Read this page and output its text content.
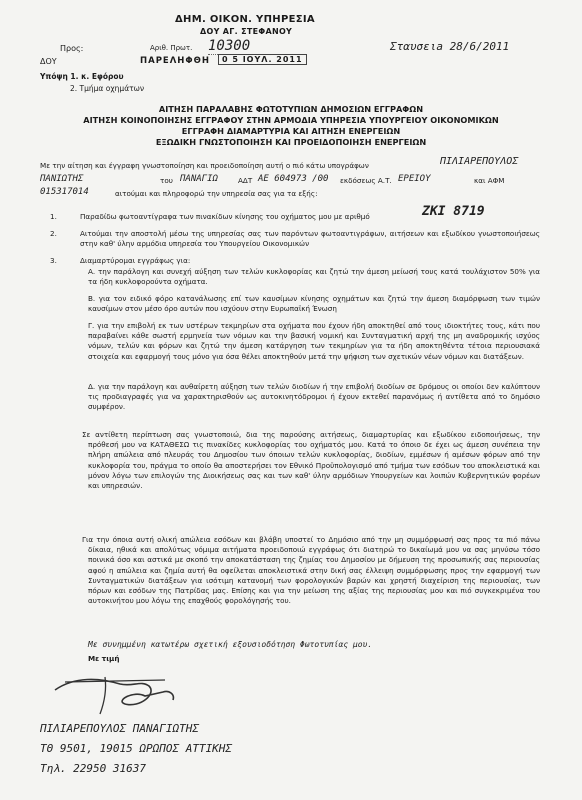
ΔΗΜ. ΟΙΚΟΝ. ΥΠΗΡΕΣΙΑ
ΔΟΥ ΑΓ. ΣΤΕΦΑΝΟΥ
Προς:
ΔΟΥ
Αριθ. Πρωτ. 10300	Σταυσειa 28/6/2011
ΠΑΡΕΛΗΦΘΗ	0 5 ΙΟΥΛ. 2011
Υπόψη 1. κ. Εφόρου
2. Τμήμα οχημάτων
ΑΙΤΗΣΗ ΠΑΡΑΛΑΒΗΣ ΦΩΤΟΤΥΠΙΩΝ ΔΗΜΟΣΙΩΝ ΕΓΓΡΑΦΩΝ
ΑΙΤΗΣΗ ΚΟΙΝΟΠΟΙΗΣΗΣ ΕΓΓΡΑΦΟΥ ΣΤΗΝ ΑΡΜΟΔΙΑ ΥΠΗΡΕΣΙΑ ΥΠΟΥΡΓΕΙΟΥ ΟΙΚΟΝΟΜΙΚΩΝ
ΕΓΓΡΑΦΗ ΔΙΑΜΑΡΤΥΡΙΑ ΚΑΙ ΑΙΤΗΣΗ ΕΝΕΡΓΕΙΩΝ
ΕΞΩΔΙΚΗ ΓΝΩΣΤΟΠΟΙΗΣΗ ΚΑΙ ΠΡΟΕΙΔΟΠΟΙΗΣΗ ΕΝΕΡΓΕΙΩΝ
Με την αίτηση και έγγραφη γνωστοποίηση και προειδοποίηση αυτή ο πιό κάτω υπογράφων	ΠΙΛΙΑΡΕΠΟΥΛΟΣ
ΠΑΝΙΩΤΗΣ	του ΠΑΝΑΓΙΩ	ΑΔΤ ΑΕ 604973 /00 εκδόσεως Α.Τ. ΕΡΕΙΟΥ	και ΑΦΜ
015317014	αιτούμαι και πληροφορώ την υπηρεσία σας για τα εξής:
1.	Παραδίδω φωτοαντίγραφα των πινακίδων κίνησης του οχήματος μου με αριθμό	ΖΚΙ 8719
2.	Αιτούμαι την αποστολή μέσω της υπηρεσίας σας των παρόντων φωτοαντιγράφων, αιτήσεων και εξωδίκου γνωστοποιήσεως στην καθ' ύλην αρμόδια υπηρεσία του Υπουργείου Οικονομικών
3.	Διαμαρτύρομαι εγγράφως για:
Α. την παράλογη και συνεχή αύξηση των τελών κυκλοφορίας και ζητώ την άμεση μείωσή τους κατά τουλάχιστον 50% για τα ήδη κυκλοφορούντα οχήματα.
Β. για τον ειδικό φόρο κατανάλωσης επί των καυσίμων κίνησης οχημάτων και ζητώ την άμεση διαμόρφωση των τιμών καυσίμων στον μέσο όρο αυτών που ισχύουν στην Ευρωπαϊκή Ένωση
Γ. για την επιβολή εκ των υστέρων τεκμηρίων στα οχήματα που έχουν ήδη αποκτηθεί από τους ιδιοκτήτες τους, κάτι που παραβαίνει κάθε σωστή ερμηνεία των νόμων και την βασική νομική και Συνταγματική αρχή της μη αναδρομικής ισχύος νόμων, τελών και φόρων και ζητώ την άμεση κατάργηση των τεκμηρίων για τα ήδη αποκτηθέντα τέτοια περιουσιακά στοιχεία και εφαρμογή τους μόνο για όσα θέλει αποκτηθούν μετά την ψήφιση των σχετικών νέων νόμων και διατάξεων.
Δ. για την παράλογη και αυθαίρετη αύξηση των τελών διοδίων ή την επιβολή διοδίων σε δρόμους οι οποίοι δεν καλύπτουν τις προδιαγραφές για να χαρακτηρισθούν ως αυτοκινητόδρομοι ή έχουν εκτεθεί παρανόμως ή αντίθετα από το δημόσιο συμφέρον.
Σε αντίθετη περίπτωση σας γνωστοποιώ, δια της παρούσης αιτήσεως, διαμαρτυρίας και εξωδίκου ειδοποιήσεως, την πρόθεσή μου να ΚΑΤΑΘΕΣΩ τις πινακίδες κυκλοφορίας του οχήματός μου. Κατά το όποιο δε έχει ως άμεση συνέπεια την πλήρη απώλεια από πλευράς του Δημοσίου των όποιων τελών κυκλοφορίας, διοδίων, εμμέσων ή αμέσων φόρων από την κυκλοφορία του, πράγμα το οποίο θα αποστερήσει τον Εθνικό Προϋπολογισμό από τμήμα των εσόδων του αποκλειστικά και μόνον λόγω των επιλογών της Διοικήσεως σας και των καθ' ύλην αρμόδιων Υπουργείων και λοιπών Κυβερνητικών φορέων και υπηρεσιών.
Για την όποια αυτή ολική απώλεια εσόδων και βλάβη υποστεί το Δημόσιο από την μη συμμόρφωσή σας προς τα πιό πάνω δίκαια, ηθικά και απολύτως νόμιμα αιτήματα προειδοποιώ εγγράφως ότι διατηρώ το δικαίωμά μου να σας μηνύσω τόσο ποινικά όσο και αστικά με σκοπό την αποκατάσταση της ζημίας του Δημοσίου με δήμευση της προσωπικής σας περιουσίας αφού η απώλεια και ζημία αυτή θα οφείλεται αποκλειστικά στην δική σας έλλειψη συμμόρφωσης προς την εφαρμογή των Συνταγματικών διατάξεων για ισότιμη κατανομή των φορολογικών βαρών και χρηστή διαχείριση της περιουσίας, των πόρων και εσόδων της Πατρίδας μας. Επίσης και για την μείωση της αξίας της περιουσίας μου και πιό συγκεκριμένα του αυτοκινήτου μου λόγω της επαχθούς φορολόγησής του.
Με συνημμένη κατωτέρω σχετική εξουσιοδότηση Φωτοτυπίας μου.
Με τιμή
ΠΙΛΙΑΡΕΠΟΥΛΟΣ ΠΑΝΑΓΙΩΤΗΣ
ΤΘ 9501, 19015 ΩΡΩΠΟΣ ΑΤΤΙΚΗΣ
Τηλ. 22950 31637
